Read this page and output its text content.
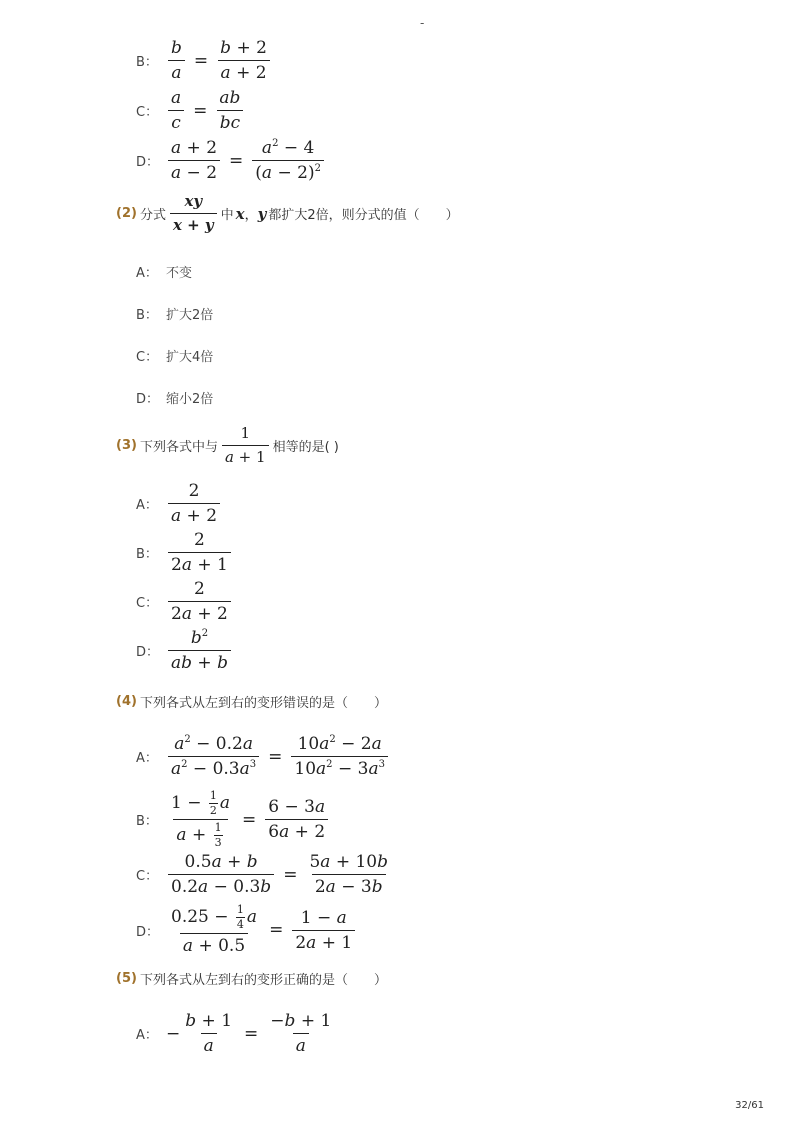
-
B： $\frac{b}{a} = \frac{b + 2}{a + 2}$
C： $\frac{a}{c} = \frac{ab}{bc}$
D： $\frac{a + 2}{a - 2} = \frac{a^2 - 4}{(a - 2)^2}$
(2) 分式 $\frac{xy}{x + y}$ 中 x ， y 都扩大2倍，则分式的值（　　）
A： 不变
B： 扩大2倍
C： 扩大4倍
D： 缩小2倍
(3) 下列各式中与 $\frac{1}{a + 1}$ 相等的是( )
A： $\frac{2}{a + 2}$
B： $\frac{2}{2a + 1}$
C： $\frac{2}{2a + 2}$
D： $\frac{b^2}{ab + b}$
(4) 下列各式从左到右的变形错误的是（　　）
A： $\frac{a^2 - 0.2a}{a^2 - 0.3a^3} = \frac{10a^2 - 2a}{10a^2 - 3a^3}$
B： $\frac{1 - \frac{1}{2} a}{a + \frac{1}{3}} = \frac{6 - 3a}{6a + 2}$
C： $\frac{0.5a + b}{0.2a - 0.3b} = \frac{5a + 10b}{2a - 3b}$
D： $\frac{0.25 - \frac{1}{4} a}{a + 0.5} = \frac{1 - a}{2a + 1}$
(5) 下列各式从左到右的变形正确的是（　　）
A： − $\frac{b + 1}{a} = \frac{-b + 1}{a}$
32/61
